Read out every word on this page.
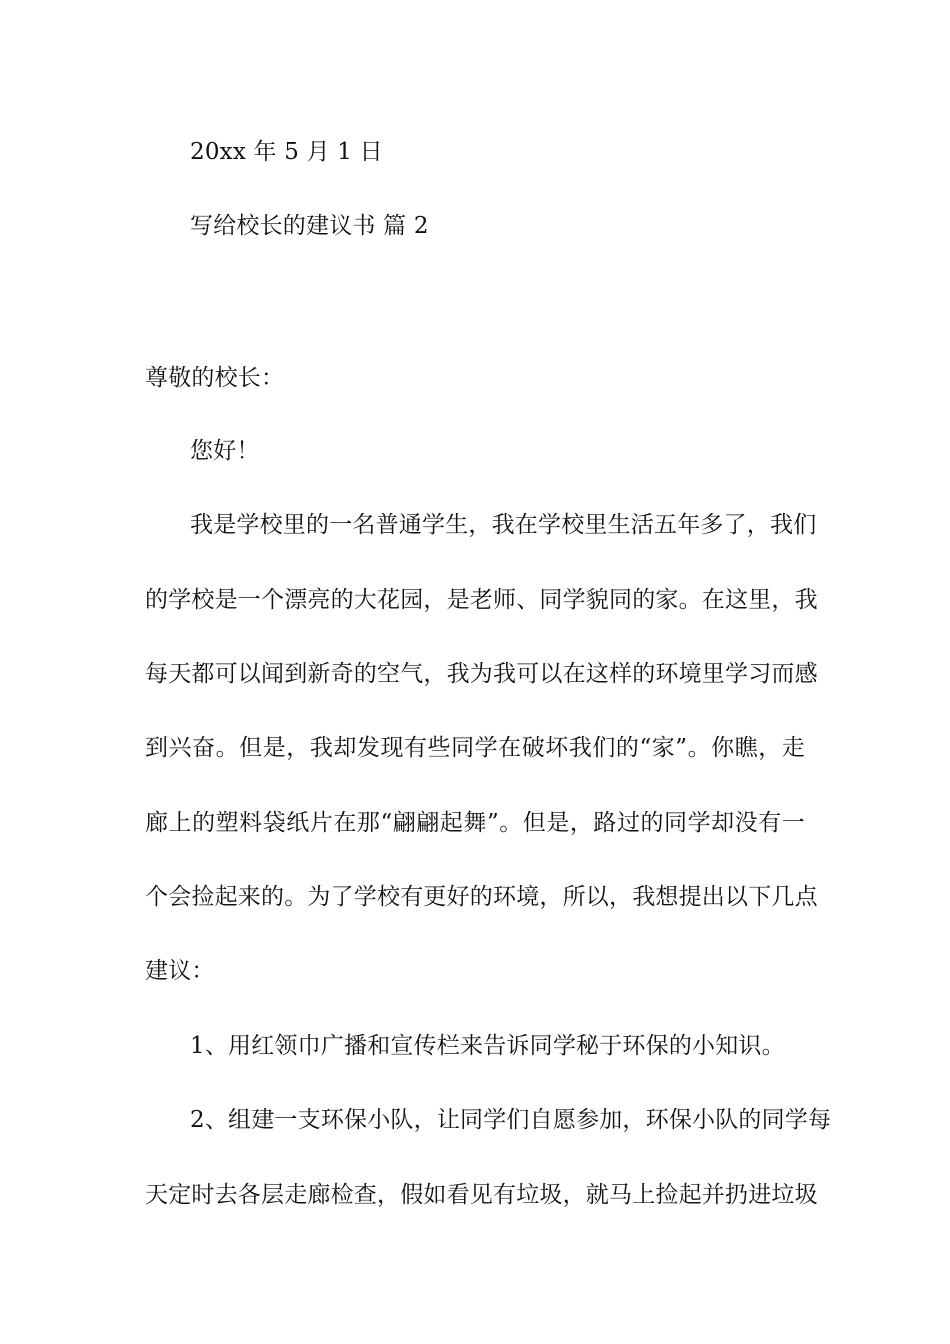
20xx 年 5 月 1 日
写给校长的建议书 篇 2
尊敬的校长：
您好！
我是学校里的一名普通学生，我在学校里生活五年多了，我们
的学校是一个漂亮的大花园，是老师、同学貌同的家。在这里，我
每天都可以闻到新奇的空气，我为我可以在这样的环境里学习而感
到兴奋。但是，我却发现有些同学在破坏我们的“家”。你瞧，走
廊上的塑料袋纸片在那“翩翩起舞”。但是，路过的同学却没有一
个会捡起来的。为了学校有更好的环境，所以，我想提出以下几点
建议：
1、用红领巾广播和宣传栏来告诉同学秘于环保的小知识。
2、组建一支环保小队，让同学们自愿参加，环保小队的同学每
天定时去各层走廊检查，假如看见有垃圾，就马上捡起并扔进垃圾
